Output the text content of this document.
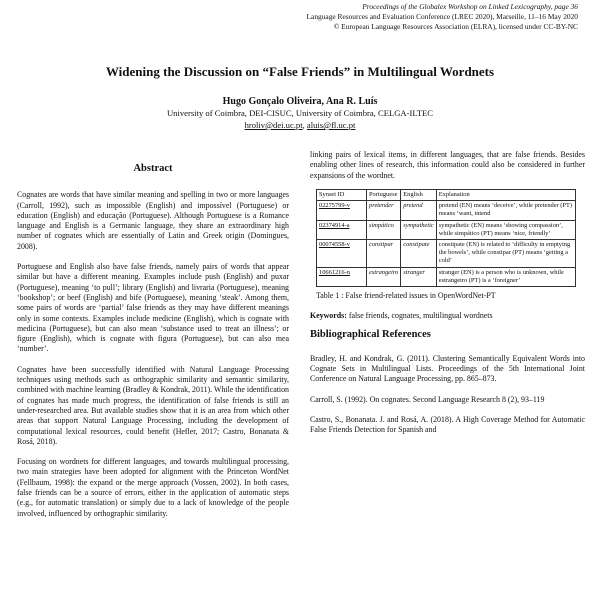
Proceedings of the Globalex Workshop on Linked Lexicography, page 36
Language Resources and Evaluation Conference (LREC 2020), Marseille, 11–16 May 2020
© European Language Resources Association (ELRA), licensed under CC-BY-NC
Widening the Discussion on “False Friends” in Multilingual Wordnets
Hugo Gonçalo Oliveira, Ana R. Luís
University of Coimbra, DEI-CISUC, University of Coimbra, CELGA-ILTEC
hroliv@dei.uc.pt, aluis@fl.uc.pt
Abstract

Cognates are words that have similar meaning and spelling in two or more languages (Carroll, 1992), such as impossible (English) and impossível (Portuguese) or education (English) and educação (Portuguese). Although Portuguese is a Romance language and English is a Germanic language, they share an extraordinary high number of cognates which are essentially of Latin and Greek origin (Domingues, 2008).

Portuguese and English also have false friends, namely pairs of words that appear similar but have a different meaning. Examples include push (English) and puxar (Portuguese), meaning ‘to pull’; library (English) and livraria (Portuguese), meaning ‘bookshop’; or beef (English) and bife (Portuguese), meaning ‘steak’. Among them, some pairs of words are ‘partial’ false friends as they may have different meanings only in some contexts. Examples include medicine (English), which is cognate with medicina (Portuguese), but can also mean ‘substance used to treat an illness’; or figure (English), which is cognate with figura (Portuguese), but can also mea ‘number’.

Cognates have been successfully identified with Natural Language Processing techniques using methods such as orthographic similarity and semantic similarity, combined with machine learning (Bradley & Kondrak, 2011). While the identification of cognates has made much progress, the identification of false friends is still an under-researched area. But available studies show that it is an area from which other areas that support Natural Language Processing, including the development of computational lexical resources, could benefit (Hefler, 2017; Castro, Bonanata & Rosá, 2018).

Focusing on wordnets for different languages, and towards multilingual processing, two main strategies have been adopted for alignment with the Princeton WordNet (Fellbaum, 1998): the expand or the merge approach (Vossen, 2002). In both cases, false friends can be a source of errors, either in the application of automatic steps (e.g., for automatic translation) or simply due to a lack of knowledge of the people involved, influenced by orthographic similarity.

linking pairs of lexical items, in different languages, that are false friends. Besides enabling other lines of research, this information could also be considered in further expansions of the wordnet.

Synset ID	Portuguese	English	Explanation
02275799-v	pretender	pretend	pretend (EN) means ‘deceive’, while pretender (PT) means ‘want, intend
02374914-a	simpático	sympathetic	sympathetic (EN) means ‘showing compassion’, while simpático (PT) means ‘nice, friendly’
00074558-v	constipar	constipate	constipate (EN) is related to ‘difficulty in emptying the bowels’, while constipar (PT) means ‘getting a cold’
10661216-n	estrangeiro	stranger	stranger (EN) is a person who is unknown, while estrangeiro (PT) is a ‘foreigner’
Table 1 : False friend-related issues in OpenWordNet-PT

Keywords: false friends, cognates, multilingual wordnets

Bibliographical References
Bradley, H. and Kondrak, G. (2011). Clustering Semantically Equivalent Words into Cognate Sets in Multilingual Lists. Proceedings of the 5th International Joint Conference on Natural Language Processing, pp. 865–873.
Carroll, S. (1992). On cognates. Second Language Research 8 (2), 93–119
Castro, S., Bonanata. J. and Rosá, A. (2018). A High Coverage Method for Automatic False Friends Detection for Spanish and
